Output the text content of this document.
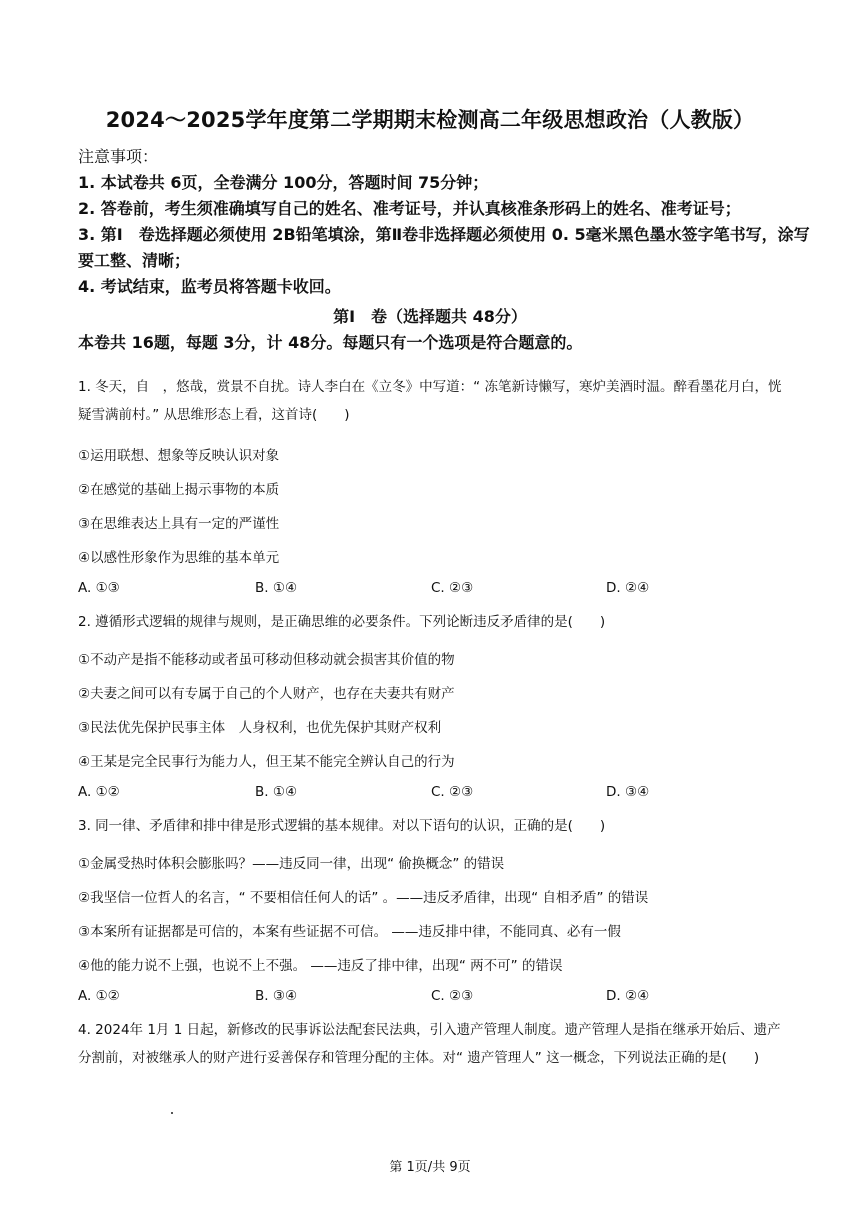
2024～2025学年度第二学期期末检测高二年级思想政治（人教版）
注意事项：
1. 本试卷共 6页，全卷满分 100分，答题时间 75分钟；
2. 答卷前，考生须准确填写自己的姓名、准考证号，并认真核准条形码上的姓名、准考证号；
3. 第Ⅰ　卷选择题必须使用 2B铅笔填涂，第Ⅱ卷非选择题必须使用 0. 5毫米黑色墨水签字笔书写，涂写要工整、清晰；
4. 考试结束，监考员将答题卡收回。
第Ⅰ　卷（选择题共 48分）
本卷共 16题，每题 3分，计 48分。每题只有一个选项是符合题意的。
1. 冬天，自　，悠哉，赏景不自扰。诗人李白在《立冬》中写道：“ 冻笔新诗懒写，寒炉美酒时温。醉看墨花月白，恍疑雪满前村。” 从思维形态上看，这首诗(　　)
①运用联想、想象等反映认识对象
②在感觉的基础上揭示事物的本质
③在思维表达上具有一定的严谨性
④以感性形象作为思维的基本单元
A. ①③	B. ①④	C. ②③	D. ②④
2. 遵循形式逻辑的规律与规则，是正确思维的必要条件。下列论断违反矛盾律的是(　　)
①不动产是指不能移动或者虽可移动但移动就会损害其价值的物
②夫妻之间可以有专属于自己的个人财产，也存在夫妻共有财产
③民法优先保护民事主体　人身权利，也优先保护其财产权利
④王某是完全民事行为能力人，但王某不能完全辨认自己的行为
A. ①②	B. ①④	C. ②③	D. ③④
3. 同一律、矛盾律和排中律是形式逻辑的基本规律。对以下语句的认识，正确的是(　　)
①金属受热时体积会膨胀吗？——违反同一律，出现“ 偷换概念” 的错误
②我坚信一位哲人的名言，“ 不要相信任何人的话” 。——违反矛盾律，出现“ 自相矛盾” 的错误
③本案所有证据都是可信的，本案有些证据不可信。 ——违反排中律，不能同真、必有一假
④他的能力说不上强，也说不上不强。 ——违反了排中律，出现“ 两不可” 的错误
A. ①②	B. ③④	C. ②③	D. ②④
4. 2024年 1月 1 日起，新修改的民事诉讼法配套民法典，引入遗产管理人制度。遗产管理人是指在继承开始后、遗产分割前，对被继承人的财产进行妥善保存和管理分配的主体。对“ 遗产管理人” 这一概念，下列说法正确的是(　　)
第 1页/共 9页
